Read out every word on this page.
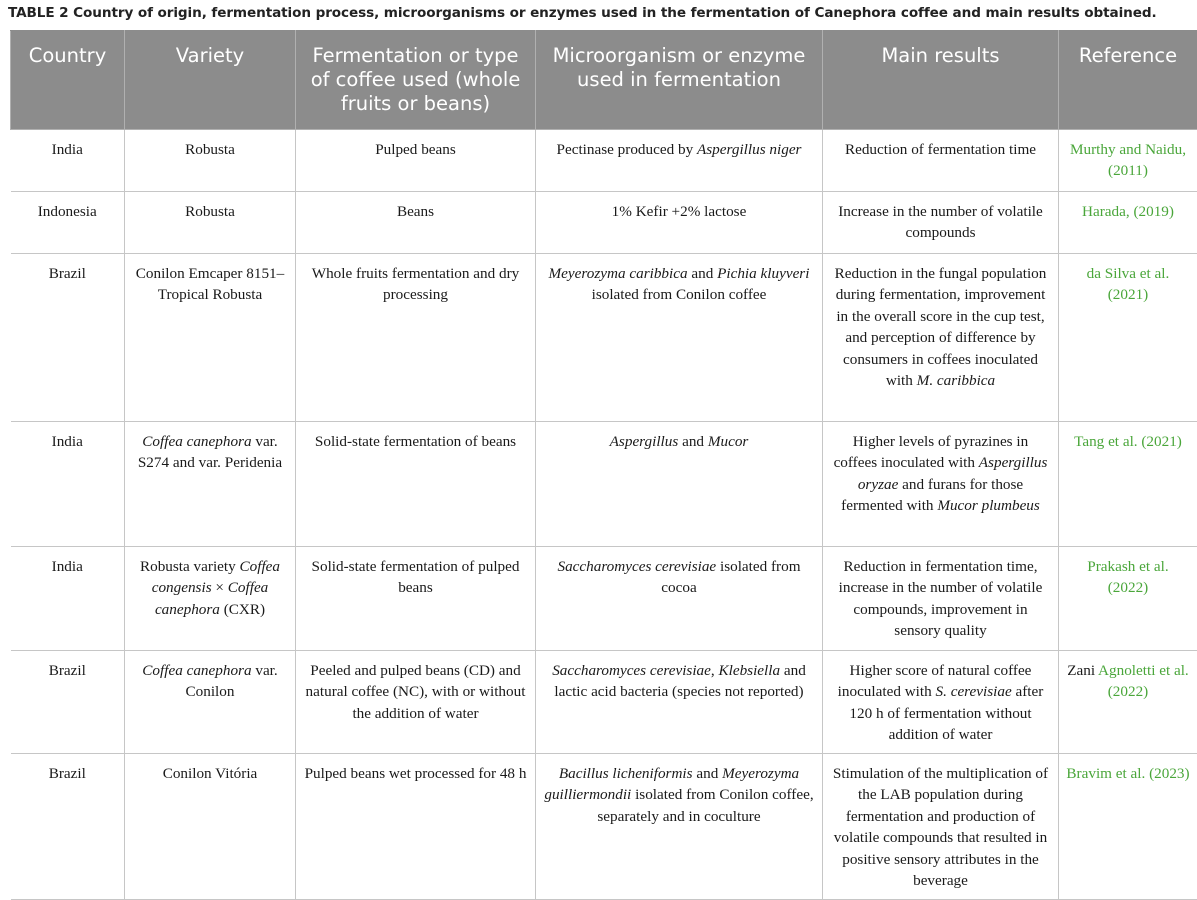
TABLE 2 Country of origin, fermentation process, microorganisms or enzymes used in the fermentation of Canephora coffee and main results obtained.
Country	Variety	Fermentation or type of coffee used (whole fruits or beans)	Microorganism or enzyme used in fermentation	Main results	Reference
India	Robusta	Pulped beans	Pectinase produced by Aspergillus niger	Reduction of fermentation time	Murthy and Naidu, (2011)
Indonesia	Robusta	Beans	1% Kefir +2% lactose	Increase in the number of volatile compounds	Harada, (2019)
Brazil	Conilon Emcaper 8151–Tropical Robusta	Whole fruits fermentation and dry processing	Meyerozyma caribbica and Pichia kluyveri isolated from Conilon coffee	Reduction in the fungal population during fermentation, improvement in the overall score in the cup test, and perception of difference by consumers in coffees inoculated with M. caribbica	da Silva et al. (2021)
India	Coffea canephora var. S274 and var. Peridenia	Solid-state fermentation of beans	Aspergillus and Mucor	Higher levels of pyrazines in coffees inoculated with Aspergillus oryzae and furans for those fermented with Mucor plumbeus	Tang et al. (2021)
India	Robusta variety Coffea congensis × Coffea canephora (CXR)	Solid-state fermentation of pulped beans	Saccharomyces cerevisiae isolated from cocoa	Reduction in fermentation time, increase in the number of volatile compounds, improvement in sensory quality	Prakash et al. (2022)
Brazil	Coffea canephora var. Conilon	Peeled and pulped beans (CD) and natural coffee (NC), with or without the addition of water	Saccharomyces cerevisiae, Klebsiella and lactic acid bacteria (species not reported)	Higher score of natural coffee inoculated with S. cerevisiae after 120 h of fermentation without addition of water	Zani Agnoletti et al. (2022)
Brazil	Conilon Vitória	Pulped beans wet processed for 48 h	Bacillus licheniformis and Meyerozyma guilliermondii isolated from Conilon coffee, separately and in coculture	Stimulation of the multiplication of the LAB population during fermentation and production of volatile compounds that resulted in positive sensory attributes in the beverage	Bravim et al. (2023)
